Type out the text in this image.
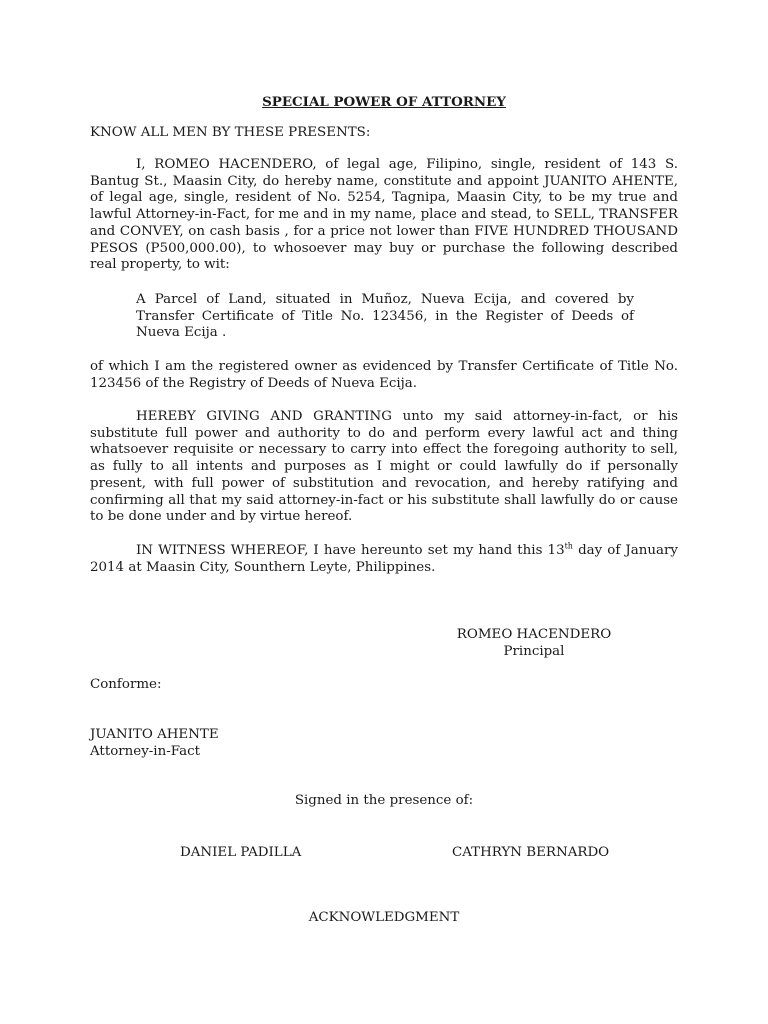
SPECIAL POWER OF ATTORNEY
KNOW ALL MEN BY THESE PRESENTS:
I, ROMEO HACENDERO, of legal age, Filipino, single, resident of 143 S. Bantug St., Maasin City, do hereby name, constitute and appoint JUANITO AHENTE, of legal age, single, resident of No. 5254, Tagnipa, Maasin City, to be my true and lawful Attorney-in-Fact, for me and in my name, place and stead, to SELL, TRANSFER and CONVEY, on cash basis , for a price not lower than FIVE HUNDRED THOUSAND PESOS (P500,000.00), to whosoever may buy or purchase the following described real property, to wit:
A Parcel of Land, situated in Muñoz, Nueva Ecija, and covered by Transfer Certificate of Title No. 123456, in the Register of Deeds of Nueva Ecija .
of which I am the registered owner as evidenced by Transfer Certificate of Title No. 123456 of the Registry of Deeds of Nueva Ecija.
HEREBY GIVING AND GRANTING unto my said attorney-in-fact, or his substitute full power and authority to do and perform every lawful act and thing whatsoever requisite or necessary to carry into effect the foregoing authority to sell, as fully to all intents and purposes as I might or could lawfully do if personally present, with full power of substitution and revocation, and hereby ratifying and confirming all that my said attorney-in-fact or his substitute shall lawfully do or cause to be done under and by virtue hereof.
IN WITNESS WHEREOF, I have hereunto set my hand this 13th day of January 2014 at Maasin City, Sounthern Leyte, Philippines.
ROMEO HACENDERO
Principal
Conforme:
JUANITO AHENTE
Attorney-in-Fact
Signed in the presence of:
DANIEL PADILLA	CATHRYN BERNARDO
ACKNOWLEDGMENT
